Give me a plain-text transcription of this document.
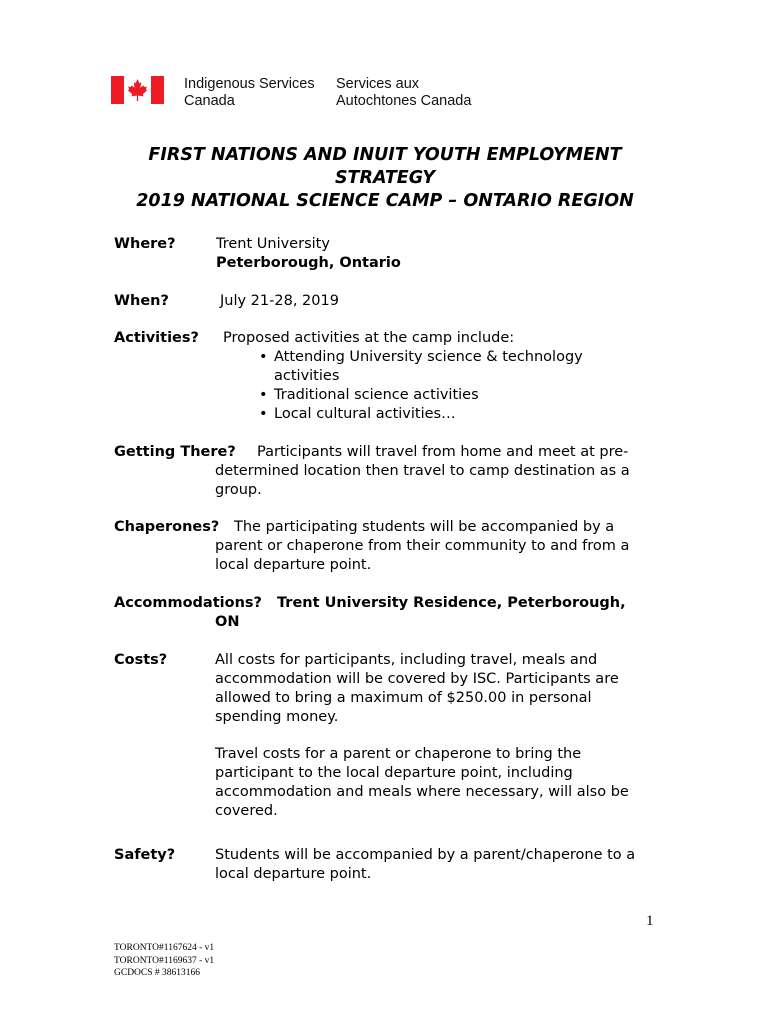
Indigenous Services
Canada
Services aux
Autochtones Canada
FIRST NATIONS AND INUIT YOUTH EMPLOYMENT
STRATEGY
2019 NATIONAL SCIENCE CAMP – ONTARIO REGION
Where?	Trent University
Peterborough, Ontario
When?	July 21-28, 2019
Activities? Proposed activities at the camp include:
• Attending University science & technology
activities
• Traditional science activities
• Local cultural activities…
Getting There? Participants will travel from home and meet at pre-
determined location then travel to camp destination as a
group.
Chaperones? The participating students will be accompanied by a
parent or chaperone from their community to and from a
local departure point.
Accommodations? Trent University Residence, Peterborough,
ON
Costs?	All costs for participants, including travel, meals and
accommodation will be covered by ISC. Participants are
allowed to bring a maximum of $250.00 in personal
spending money.
Travel costs for a parent or chaperone to bring the
participant to the local departure point, including
accommodation and meals where necessary, will also be
covered.
Safety?	Students will be accompanied by a parent/chaperone to a
local departure point.
1
TORONTO#1167624 - v1
TORONTO#1169637 - v1
GCDOCS # 38613166
